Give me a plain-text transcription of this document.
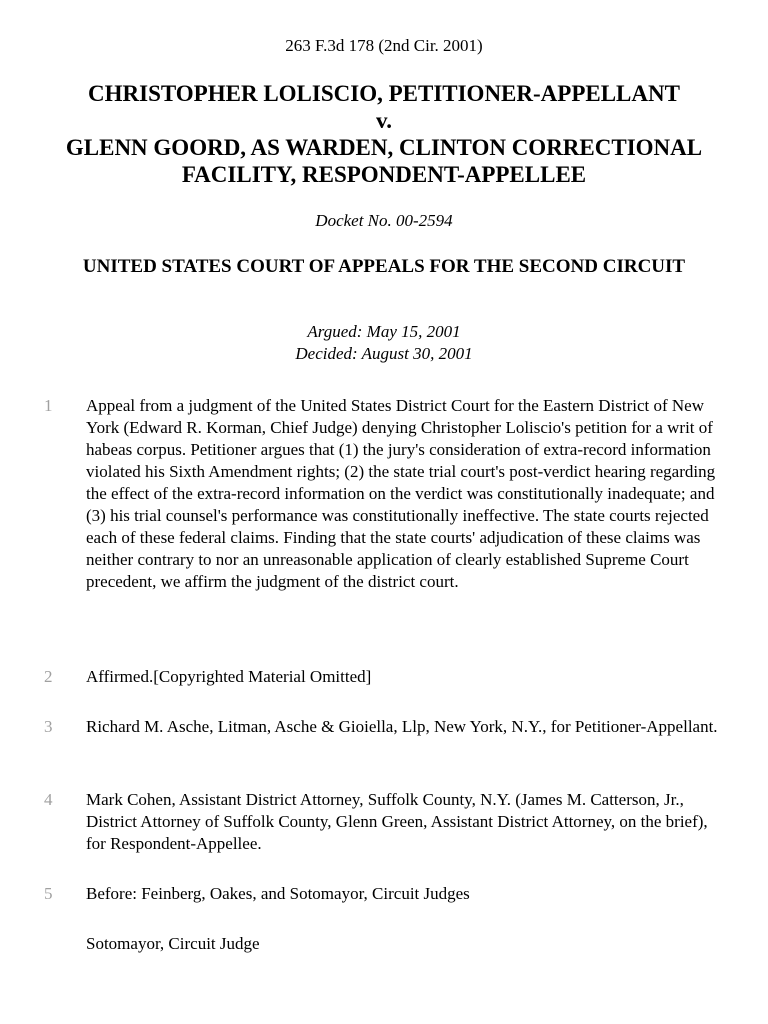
263 F.3d 178 (2nd Cir. 2001)
CHRISTOPHER LOLISCIO, PETITIONER-APPELLANT
v.
GLENN GOORD, AS WARDEN, CLINTON CORRECTIONAL FACILITY, RESPONDENT-APPELLEE
Docket No. 00-2594
UNITED STATES COURT OF APPEALS FOR THE SECOND CIRCUIT
Argued: May 15, 2001
Decided: August 30, 2001
1	Appeal from a judgment of the United States District Court for the Eastern District of New York (Edward R. Korman, Chief Judge) denying Christopher Loliscio's petition for a writ of habeas corpus. Petitioner argues that (1) the jury's consideration of extra-record information violated his Sixth Amendment rights; (2) the state trial court's post-verdict hearing regarding the effect of the extra-record information on the verdict was constitutionally inadequate; and (3) his trial counsel's performance was constitutionally ineffective. The state courts rejected each of these federal claims. Finding that the state courts' adjudication of these claims was neither contrary to nor an unreasonable application of clearly established Supreme Court precedent, we affirm the judgment of the district court.
2	Affirmed.[Copyrighted Material Omitted]
3	Richard M. Asche, Litman, Asche & Gioiella, Llp, New York, N.Y., for Petitioner-Appellant.
4	Mark Cohen, Assistant District Attorney, Suffolk County, N.Y. (James M. Catterson, Jr., District Attorney of Suffolk County, Glenn Green, Assistant District Attorney, on the brief), for Respondent-Appellee.
5	Before: Feinberg, Oakes, and Sotomayor, Circuit Judges
Sotomayor, Circuit Judge
